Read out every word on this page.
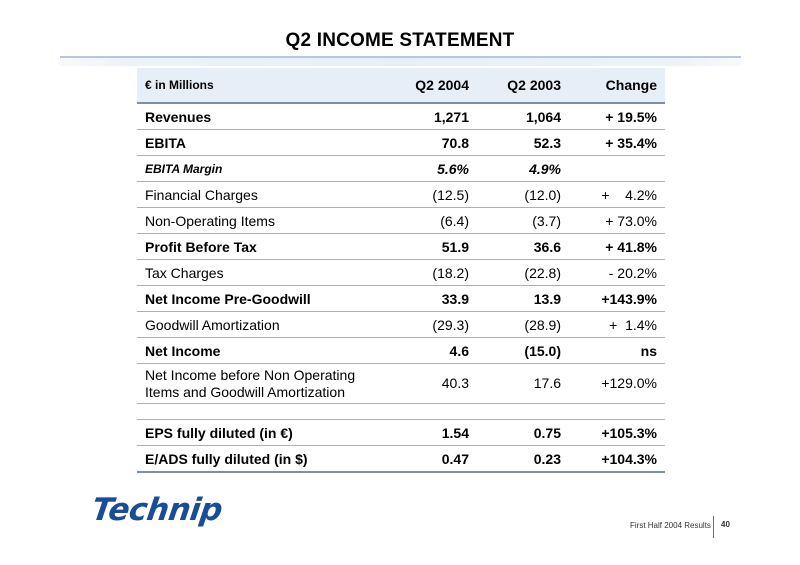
Q2 INCOME STATEMENT
€ in Millions	Q2 2004	Q2 2003	Change
Revenues	1,271	1,064	+ 19.5%
EBITA	70.8	52.3	+ 35.4%
EBITA Margin	5.6%	4.9%	
Financial Charges	(12.5)	(12.0)	+    4.2%
Non-Operating Items	(6.4)	(3.7)	+ 73.0%
Profit Before Tax	51.9	36.6	+ 41.8%
Tax Charges	(18.2)	(22.8)	- 20.2%
Net Income Pre-Goodwill	33.9	13.9	+143.9%
Goodwill Amortization	(29.3)	(28.9)	+  1.4%
Net Income	4.6	(15.0)	ns
Net Income before Non Operating
Items and Goodwill Amortization	40.3	17.6	+129.0%

EPS fully diluted (in €)	1.54	0.75	+105.3%
E/ADS fully diluted (in $)	0.47	0.23	+104.3%
Technip	First Half 2004 Results 40
